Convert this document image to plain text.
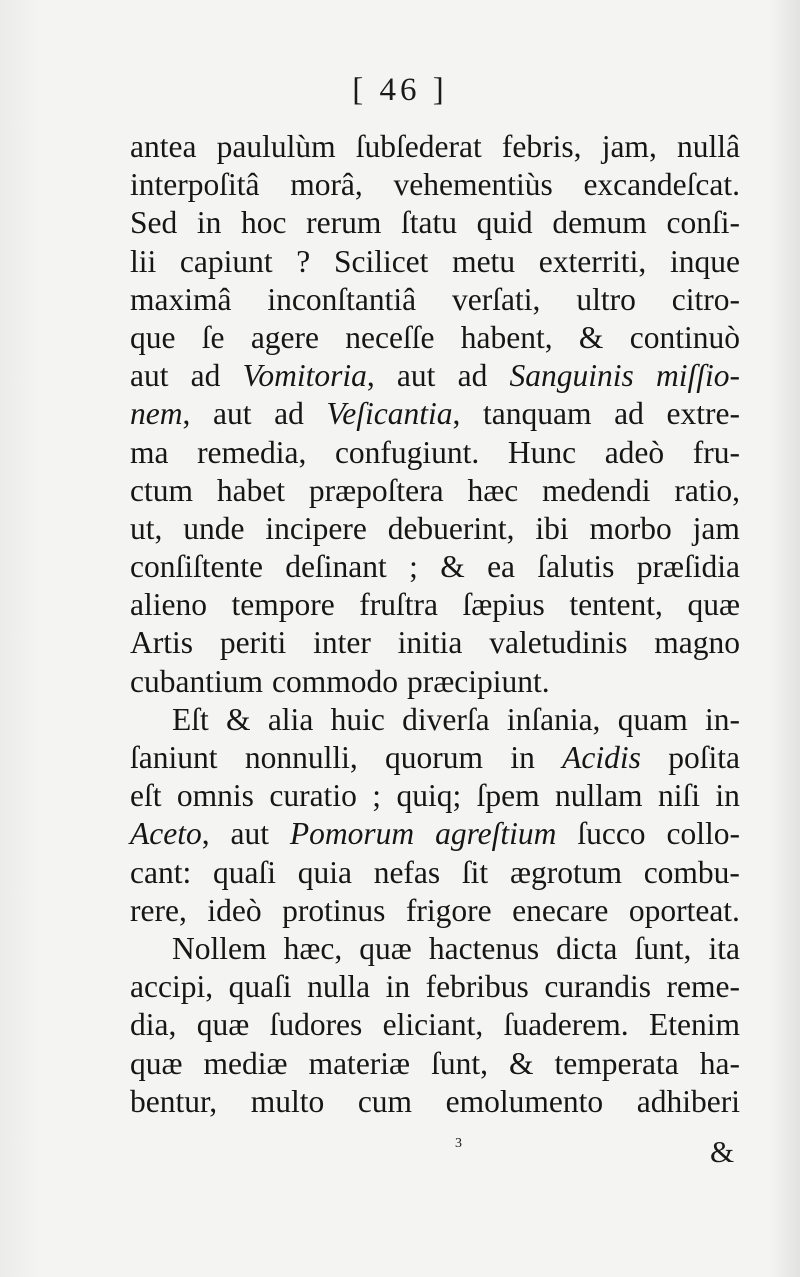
[ 46 ]
antea paululùm ſubſederat febris, jam, nullâ
interpoſitâ morâ, vehementiùs excandeſcat.
Sed in hoc rerum ſtatu quid demum conſi-
lii capiunt ? Scilicet metu exterriti, inque
maximâ inconſtantiâ verſati, ultro citro-
que ſe agere neceſſe habent, & continuò
aut ad Vomitoria, aut ad Sanguinis miſſio-
nem, aut ad Veſicantia, tanquam ad extre-
ma remedia, confugiunt. Hunc adeò fru-
ctum habet præpoſtera hæc medendi ratio,
ut, unde incipere debuerint, ibi morbo jam
conſiſtente deſinant ; & ea ſalutis præſidia
alieno tempore fruſtra ſæpius tentent, quæ
Artis periti inter initia valetudinis magno
cubantium commodo præcipiunt.
Eſt & alia huic diverſa inſania, quam in-
ſaniunt nonnulli, quorum in Acidis poſita
eſt omnis curatio ; quiq; ſpem nullam niſi in
Aceto, aut Pomorum agreſtium ſucco collo-
cant: quaſi quia nefas ſit ægrotum combu-
rere, ideò protinus frigore enecare oporteat.
Nollem hæc, quæ hactenus dicta ſunt, ita
accipi, quaſi nulla in febribus curandis reme-
dia, quæ ſudores eliciant, ſuaderem. Etenim
quæ mediæ materiæ ſunt, & temperata ha-
bentur, multo cum emolumento adhiberi
3	&
